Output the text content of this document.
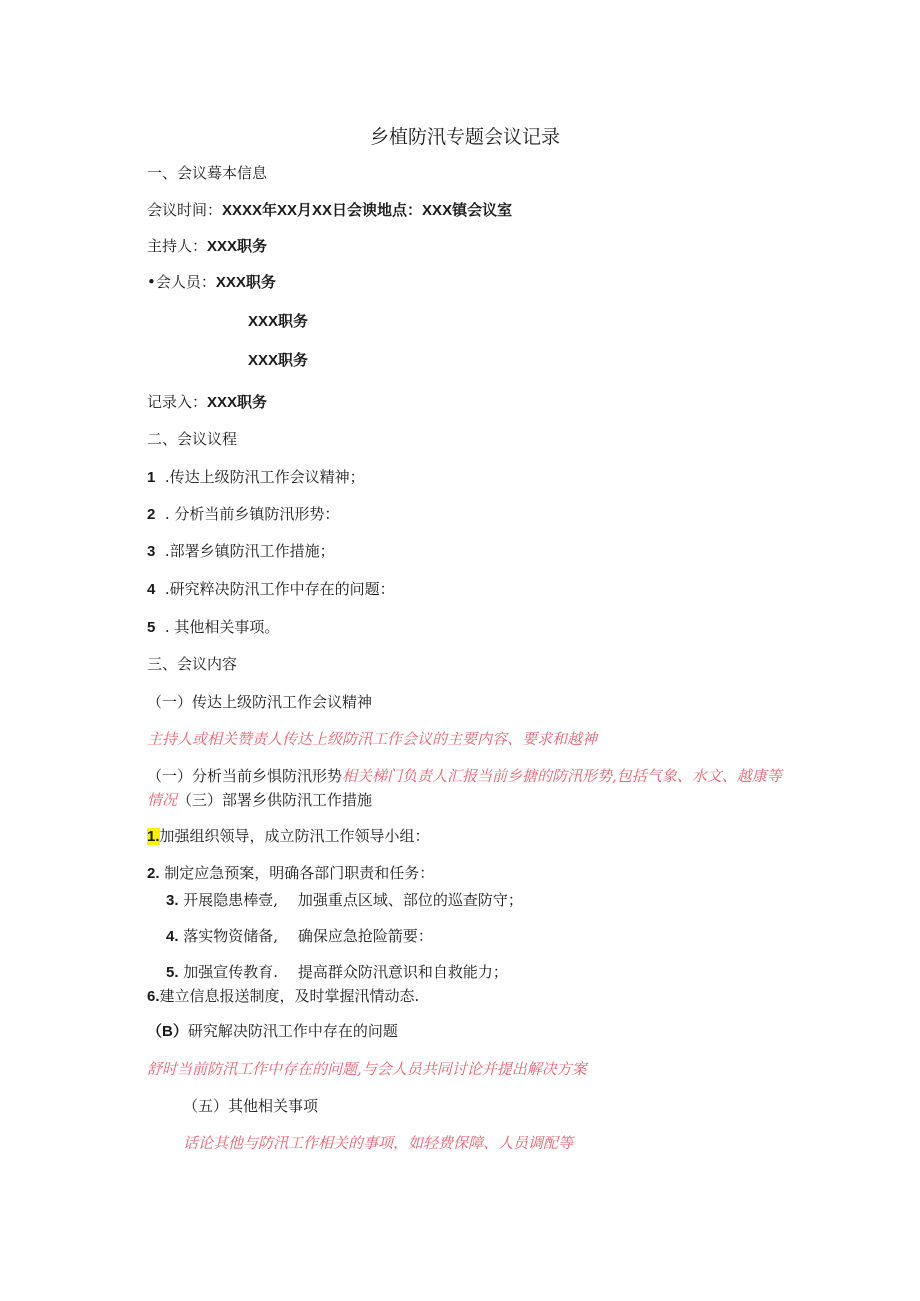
乡植防汛专题会议记录
一、会议蓦本信息
会议时间：XXXX年XX月XX日会谀地点：XXX镇会议室
主持人：XXX职务
•会人员：XXX职务
XXX职务
XXX职务
记录入：XXX职务
二、会议议程
1 .传达上级防汛工作会议精神；
2 . 分析当前乡镇防汛形势：
3 .部署乡镇防汛工作措施；
4 .研究粹决防汛工作中存在的问题：
5 . 其他相关事项。
三、会议内容
（一）传达上级防汛工作会议精神
主持人或相关赞责人传达上级防汛工作会议的主要内容、要求和越神
（一）分析当前乡惧防汛形势相关梯门负责人汇报当前乡搪的防汛形势,包括气象、水文、越康等情况（三）部署乡供防汛工作措施
1.加强组织领导，成立防汛工作领导小组：
2. 制定应急预案，明确各部门职责和任务：
3. 开展隐患棒壹,　 加强重点区域、部位的巡查防守；
4. 落实物资储备,　 确保应急抢险箭要：
5. 加强宣传教育.　 提高群众防汛意识和自救能力；
6.建立信息报送制度，及时掌握汛情动态.
（B）研究解决防汛工作中存在的问题
舒时当前防汛工作中存在的问题,与会人员共同讨论并提出解决方案
（五）其他相关事项
话论其他与防汛工作相关的事项，如轻费保障、人员调配等
